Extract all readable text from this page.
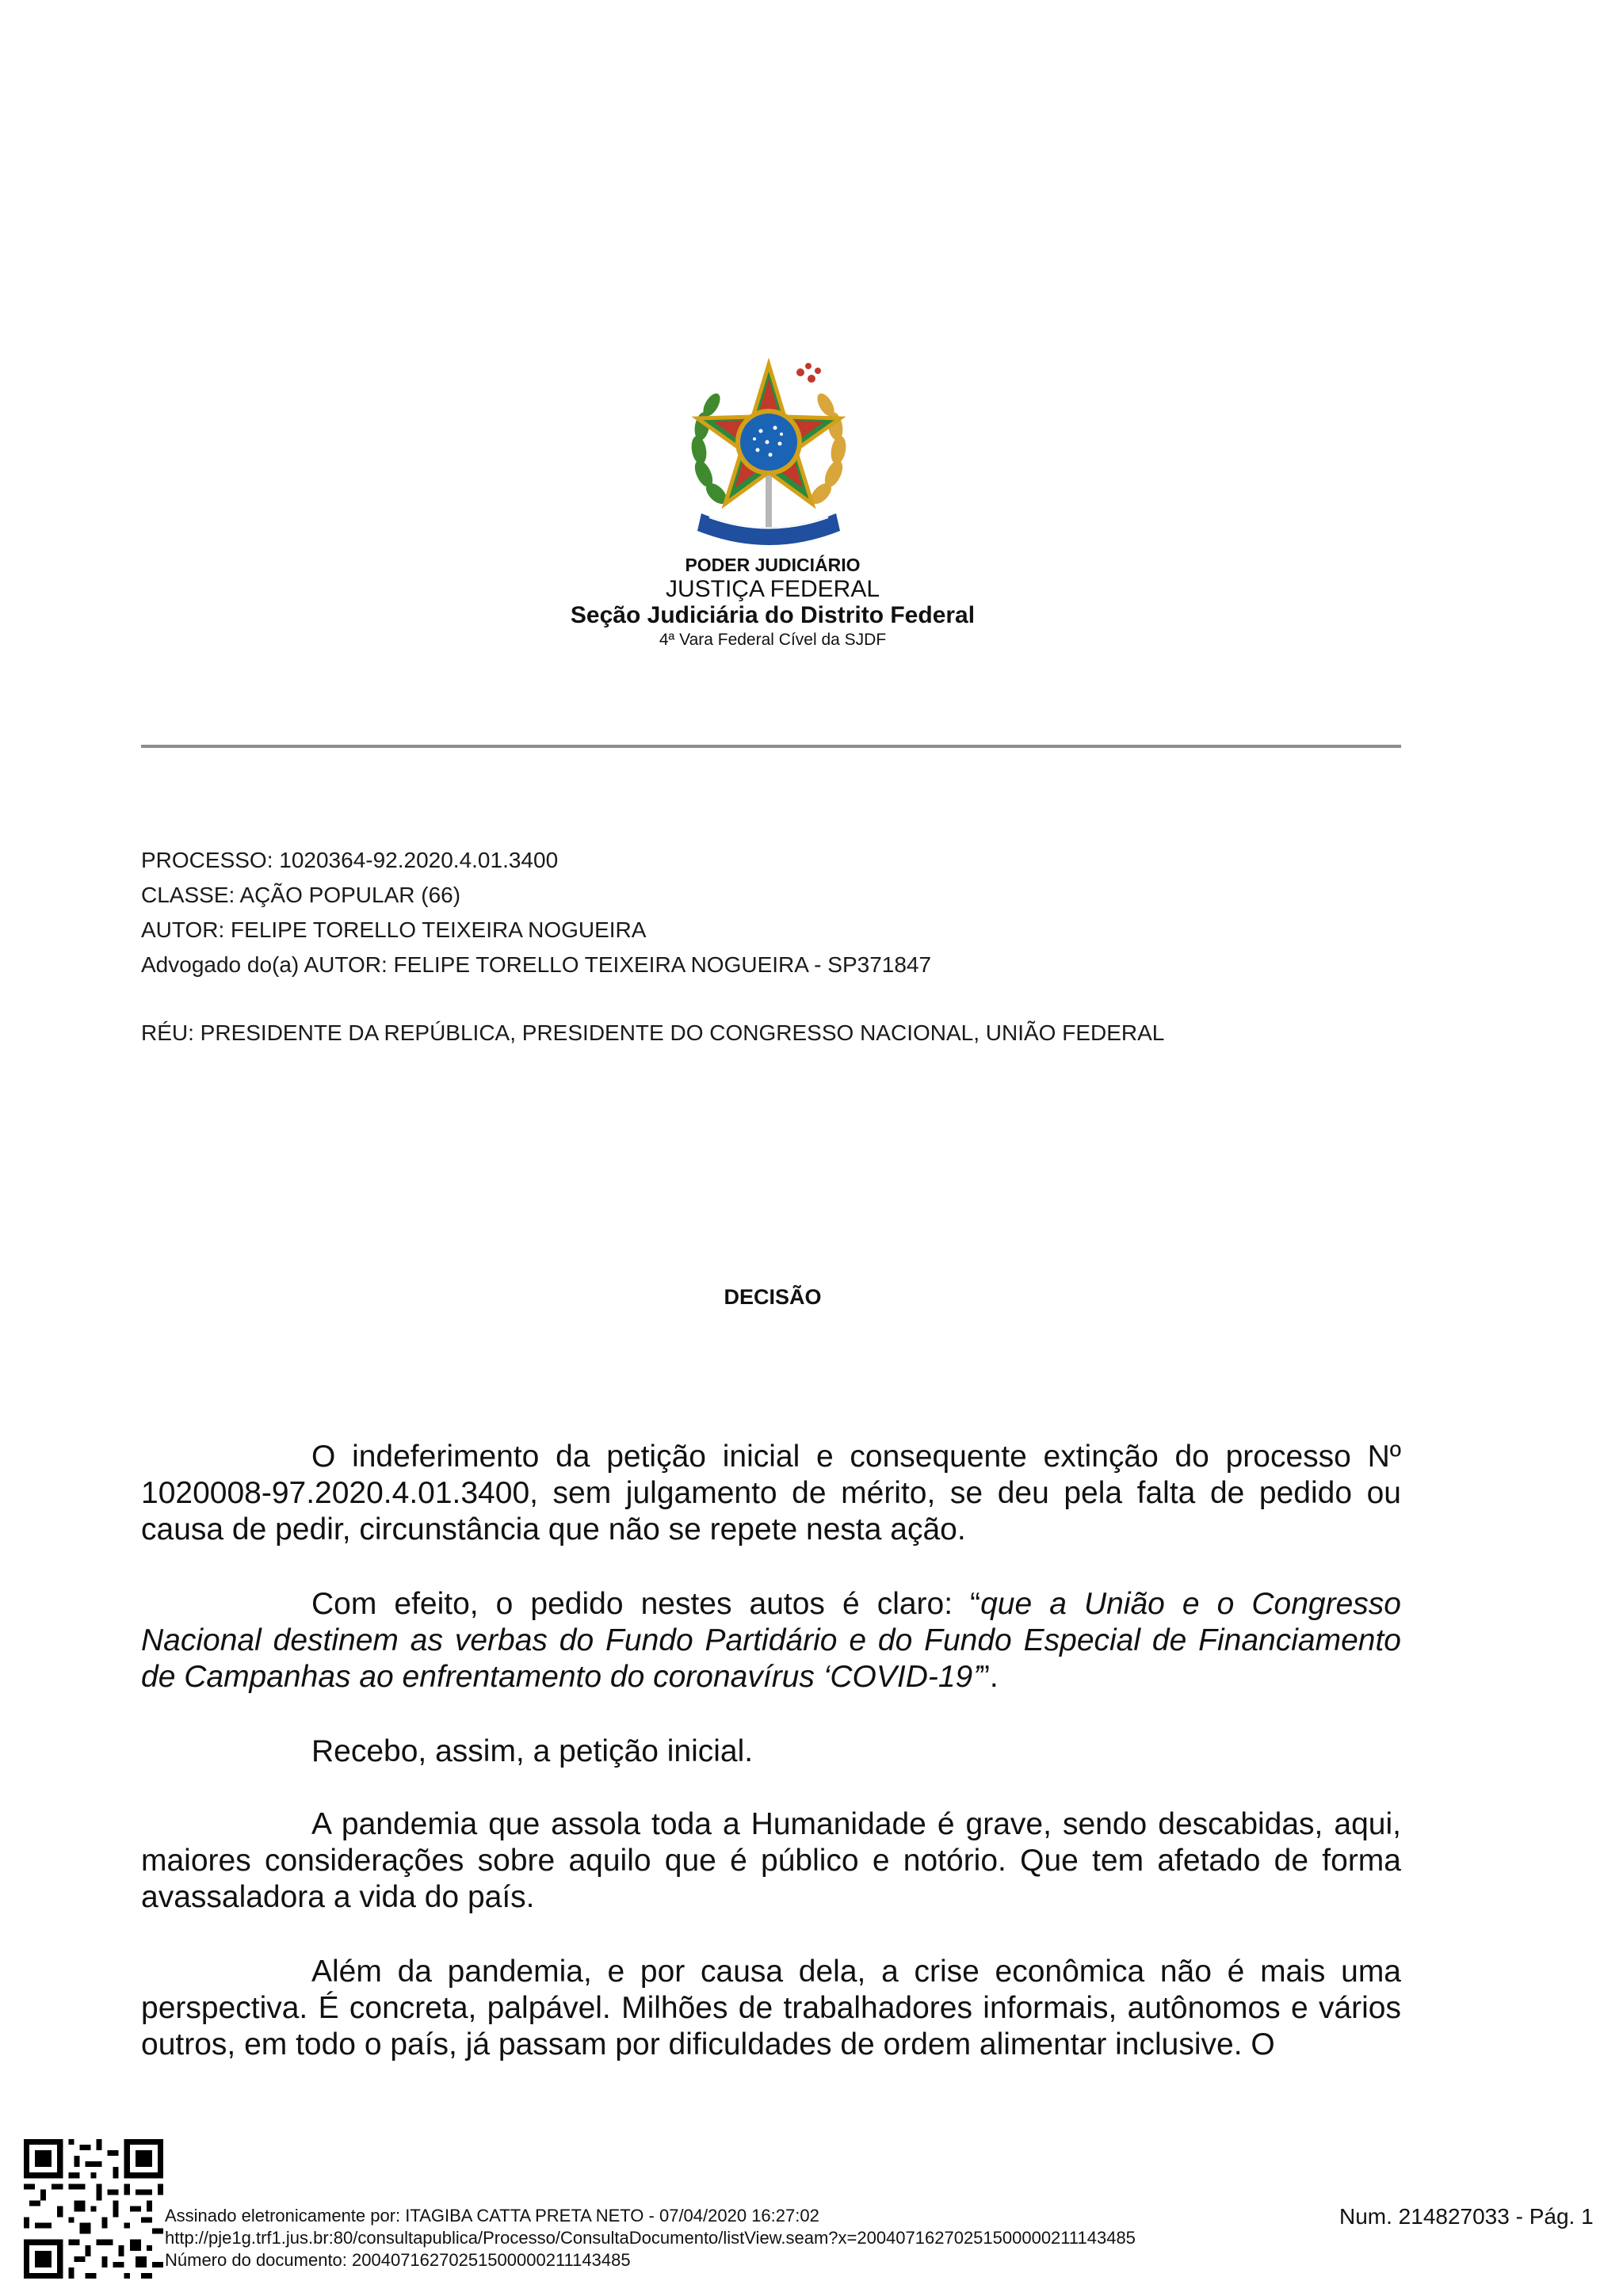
PODER JUDICIÁRIO
JUSTIÇA FEDERAL
Seção Judiciária do Distrito Federal
4ª Vara Federal Cível da SJDF
PROCESSO: 1020364-92.2020.4.01.3400
CLASSE: AÇÃO POPULAR (66)
AUTOR: FELIPE TORELLO TEIXEIRA NOGUEIRA
Advogado do(a) AUTOR: FELIPE TORELLO TEIXEIRA NOGUEIRA - SP371847
RÉU: PRESIDENTE DA REPÚBLICA, PRESIDENTE DO CONGRESSO NACIONAL, UNIÃO FEDERAL
DECISÃO
O indeferimento da petição inicial e consequente extinção do processo Nº 1020008-97.2020.4.01.3400, sem julgamento de mérito, se deu pela falta de pedido ou causa de pedir, circunstância que não se repete nesta ação.
Com efeito, o pedido nestes autos é claro: “que a União e o Congresso Nacional destinem as verbas do Fundo Partidário e do Fundo Especial de Financiamento de Campanhas ao enfrentamento do coronavírus ‘COVID-19’”.
Recebo, assim, a petição inicial.
A pandemia que assola toda a Humanidade é grave, sendo descabidas, aqui, maiores considerações sobre aquilo que é público e notório. Que tem afetado de forma avassaladora a vida do país.
Além da pandemia, e por causa dela, a crise econômica não é mais uma perspectiva. É concreta, palpável. Milhões de trabalhadores informais, autônomos e vários outros, em todo o país, já passam por dificuldades de ordem alimentar inclusive. O
Assinado eletronicamente por: ITAGIBA CATTA PRETA NETO - 07/04/2020 16:27:02
http://pje1g.trf1.jus.br:80/consultapublica/Processo/ConsultaDocumento/listView.seam?x=20040716270251500000211143485
Número do documento: 20040716270251500000211143485
Num. 214827033 - Pág. 1
